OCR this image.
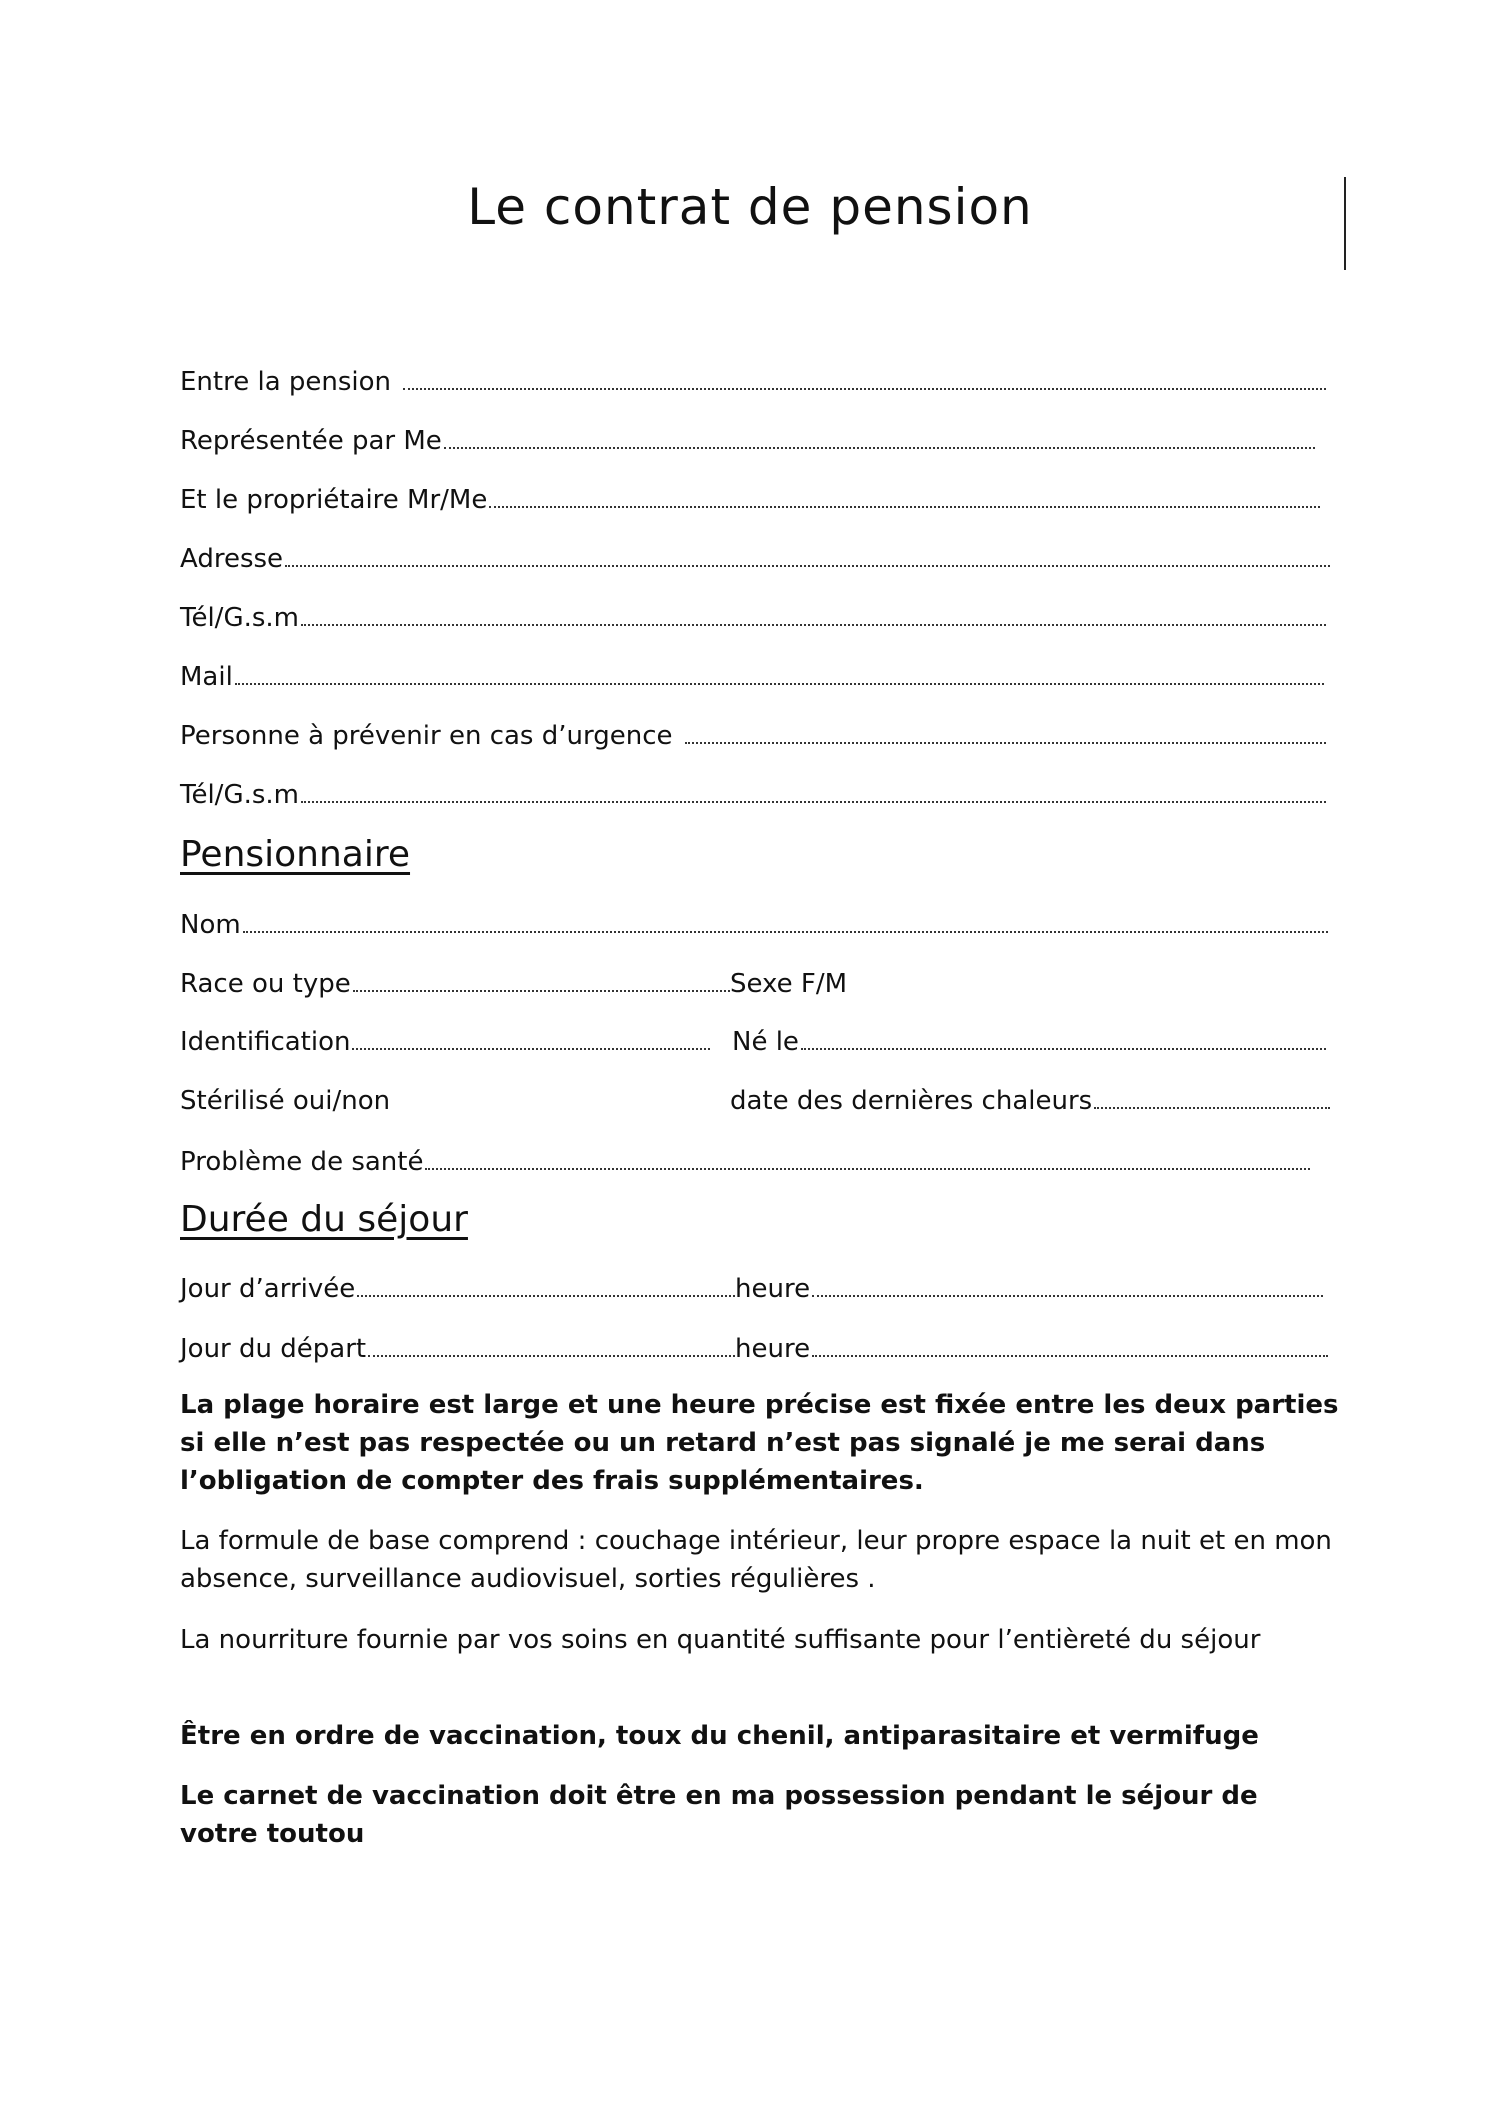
Le contrat de pension
Entre la pension
Représentée par Me
Et le propriétaire Mr/Me
Adresse
Tél/G.s.m
Mail
Personne à prévenir en cas d’urgence
Tél/G.s.m
Pensionnaire
Nom
Race ou type	Sexe F/M
Identification	Né le
Stérilisé oui/non	date des dernières chaleurs
Problème de santé
Durée du séjour
Jour d’arrivée	heure
Jour du départ	heure
La plage horaire est large et une heure précise est fixée entre les deux parties si elle n’est pas respectée ou un retard n’est pas signalé je me serai dans l’obligation de compter des frais supplémentaires.
La formule de base comprend : couchage intérieur, leur propre espace la nuit et en mon absence, surveillance audiovisuel, sorties régulières .
La nourriture fournie par vos soins en quantité suffisante pour l’entièreté du séjour
Être en ordre de vaccination, toux du chenil, antiparasitaire et vermifuge
Le carnet de vaccination doit être en ma possession pendant le séjour de votre toutou
